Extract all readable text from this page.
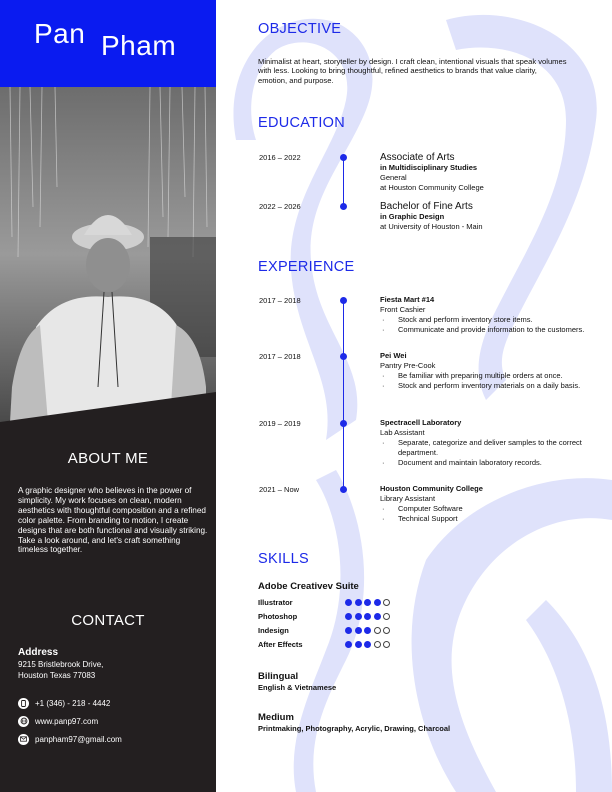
Pan Pham
ABOUT ME
A graphic designer who believes in the power of simplicity. My work focuses on clean, modern aesthetics with thoughtful composition and a refined color palette. From branding to motion, I create designs that are both functional and visually striking. Take a look around, and let's craft something timeless together.
CONTACT
Address
9215 Bristlebrook Drive,
Houston Texas 77083
+1 (346) - 218 - 4442
www.panp97.com
panpham97@gmail.com
OBJECTIVE
Minimalist at heart, storyteller by design. I craft clean, intentional visuals that speak volumes with less. Looking to bring thoughtful, refined aesthetics to brands that value clarity, emotion, and purpose.
EDUCATION
2016 – 2022	Associate of Arts
in Multidisciplinary Studies
General
at Houston Community College
2022 – 2026	Bachelor of Fine Arts
in Graphic Design
at University of Houston - Main
EXPERIENCE
2017 – 2018	Fiesta Mart #14
Front Cashier
· Stock and perform inventory store items.
· Communicate and provide information to the customers.
2017 – 2018	Pei Wei
Pantry Pre-Cook
· Be familiar with preparing multiple orders at once.
· Stock and perform inventory materials on a daily basis.
2019 – 2019	Spectracell Laboratory
Lab Assistant
· Separate, categorize and deliver samples to the correct department.
· Document and maintain laboratory records.
2021 – Now	Houston Community College
Library Assistant
· Computer Software
· Technical Support
SKILLS
Adobe Creativev Suite
Illustrator
Photoshop
Indesign
After Effects
Bilingual
English & Vietnamese
Medium
Printmaking, Photography, Acrylic, Drawing, Charcoal
